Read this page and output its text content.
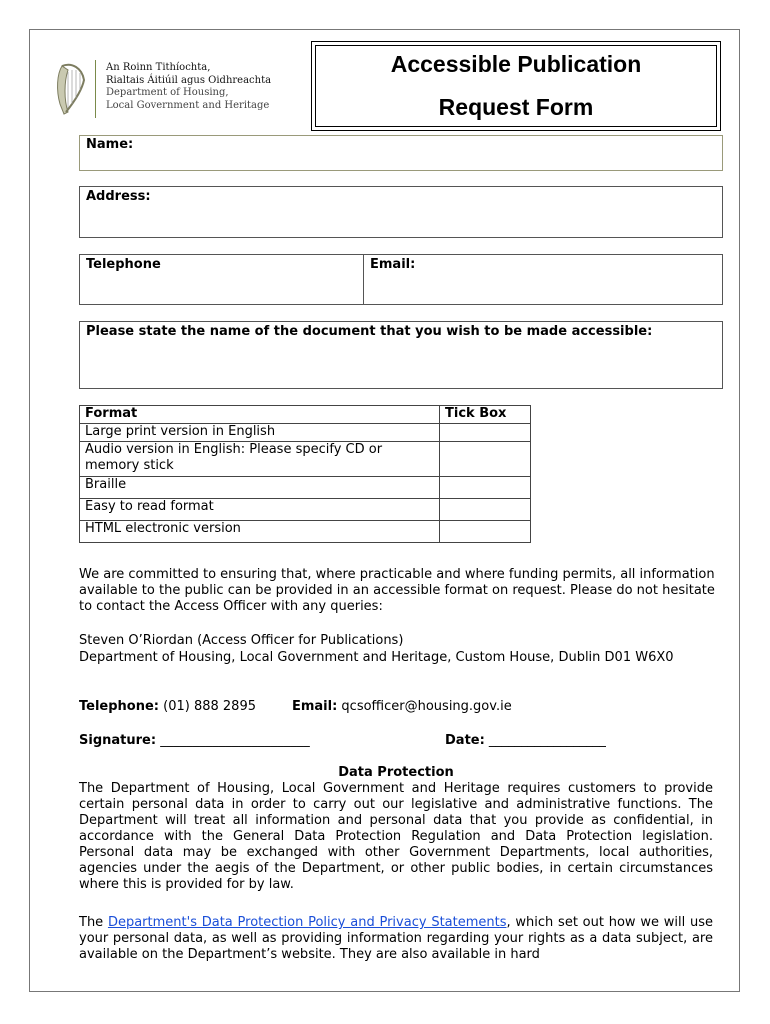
An Roinn Tithíochta,
Rialtais Áitiúil agus Oidhreachta
Department of Housing,
Local Government and Heritage
Accessible Publication
Request Form
Name:
Address:
Telephone	Email:
Please state the name of the document that you wish to be made accessible:
Format	Tick Box
Large print version in English	
Audio version in English: Please specify CD or memory stick	
Braille	
Easy to read format	
HTML electronic version	
We are committed to ensuring that, where practicable and where funding permits, all information available to the public can be provided in an accessible format on request. Please do not hesitate to contact the Access Officer with any queries:
Steven O’Riordan (Access Officer for Publications)
Department of Housing, Local Government and Heritage, Custom House, Dublin D01 W6X0
Telephone: (01) 888 2895	Email: qcsofficer@housing.gov.ie
Signature: _______________________	Date: __________________
Data Protection
The Department of Housing, Local Government and Heritage requires customers to provide certain personal data in order to carry out our legislative and administrative functions. The Department will treat all information and personal data that you provide as confidential, in accordance with the General Data Protection Regulation and Data Protection legislation. Personal data may be exchanged with other Government Departments, local authorities, agencies under the aegis of the Department, or other public bodies, in certain circumstances where this is provided for by law.
The Department's Data Protection Policy and Privacy Statements, which set out how we will use your personal data, as well as providing information regarding your rights as a data subject, are available on the Department’s website. They are also available in hard
